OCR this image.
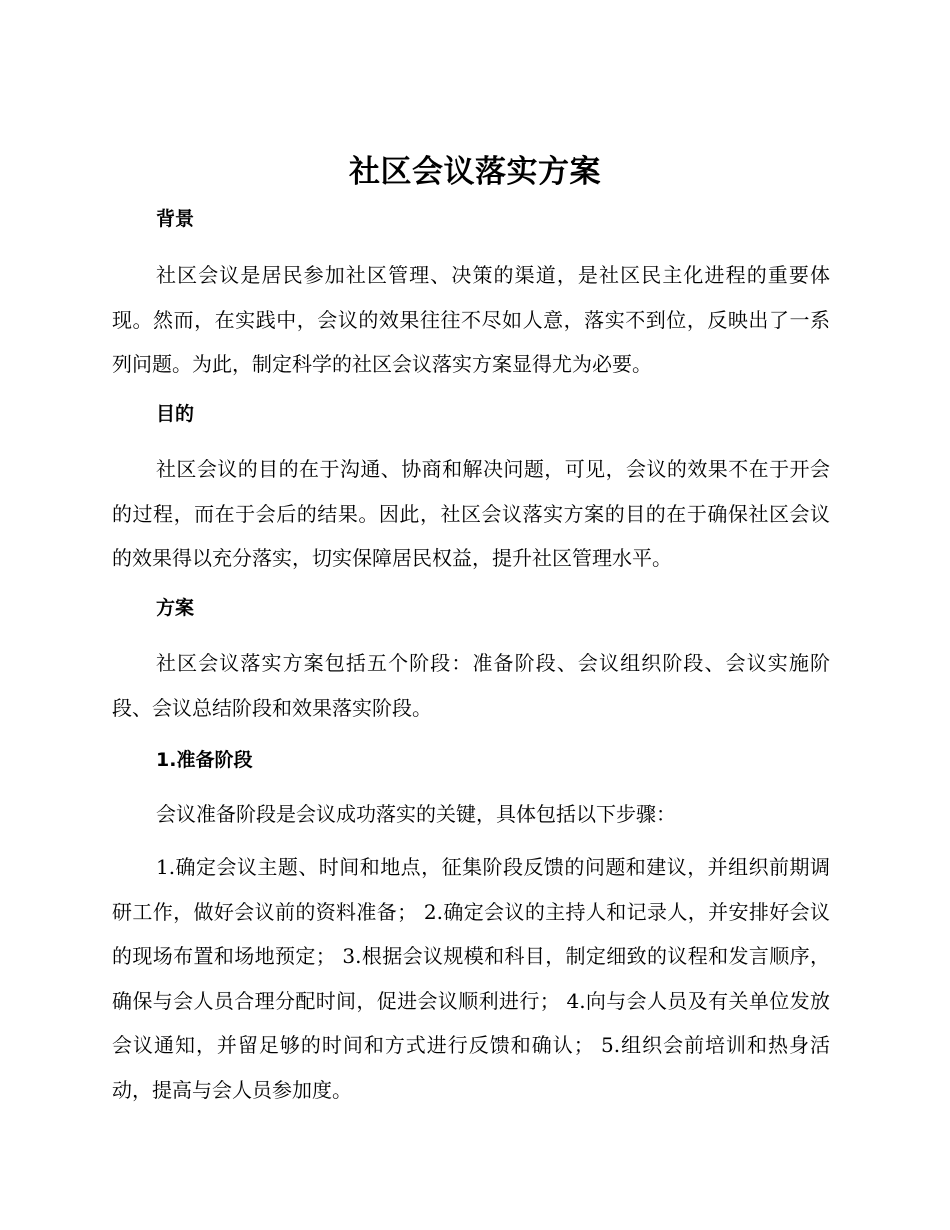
社区会议落实方案
背景

社区会议是居民参加社区管理、决策的渠道，是社区民主化进程的重要体现。然而，在实践中，会议的效果往往不尽如人意，落实不到位，反映出了一系列问题。为此，制定科学的社区会议落实方案显得尤为必要。

目的

社区会议的目的在于沟通、协商和解决问题，可见，会议的效果不在于开会的过程，而在于会后的结果。因此，社区会议落实方案的目的在于确保社区会议的效果得以充分落实，切实保障居民权益，提升社区管理水平。

方案

社区会议落实方案包括五个阶段：准备阶段、会议组织阶段、会议实施阶段、会议总结阶段和效果落实阶段。

1.准备阶段

会议准备阶段是会议成功落实的关键，具体包括以下步骤：

1.确定会议主题、时间和地点，征集阶段反馈的问题和建议，并组织前期调研工作，做好会议前的资料准备； 2.确定会议的主持人和记录人，并安排好会议的现场布置和场地预定； 3.根据会议规模和科目，制定细致的议程和发言顺序，确保与会人员合理分配时间，促进会议顺利进行； 4.向与会人员及有关单位发放会议通知，并留足够的时间和方式进行反馈和确认； 5.组织会前培训和热身活动，提高与会人员参加度。
